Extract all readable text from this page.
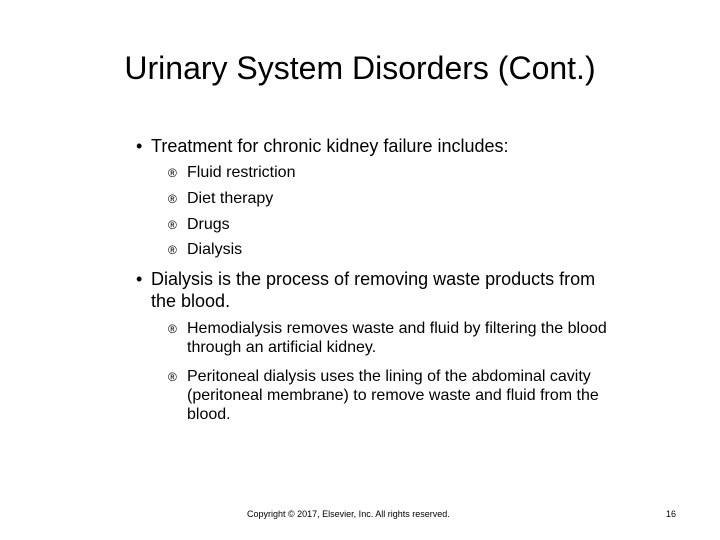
Urinary System Disorders (Cont.)
• Treatment for chronic kidney failure includes:
® Fluid restriction
® Diet therapy
® Drugs
® Dialysis
• Dialysis is the process of removing waste products from
the blood.
® Hemodialysis removes waste and fluid by filtering the blood
through an artificial kidney.
® Peritoneal dialysis uses the lining of the abdominal cavity
(peritoneal membrane) to remove waste and fluid from the
blood.
Copyright © 2017, Elsevier, Inc. All rights reserved.	16
